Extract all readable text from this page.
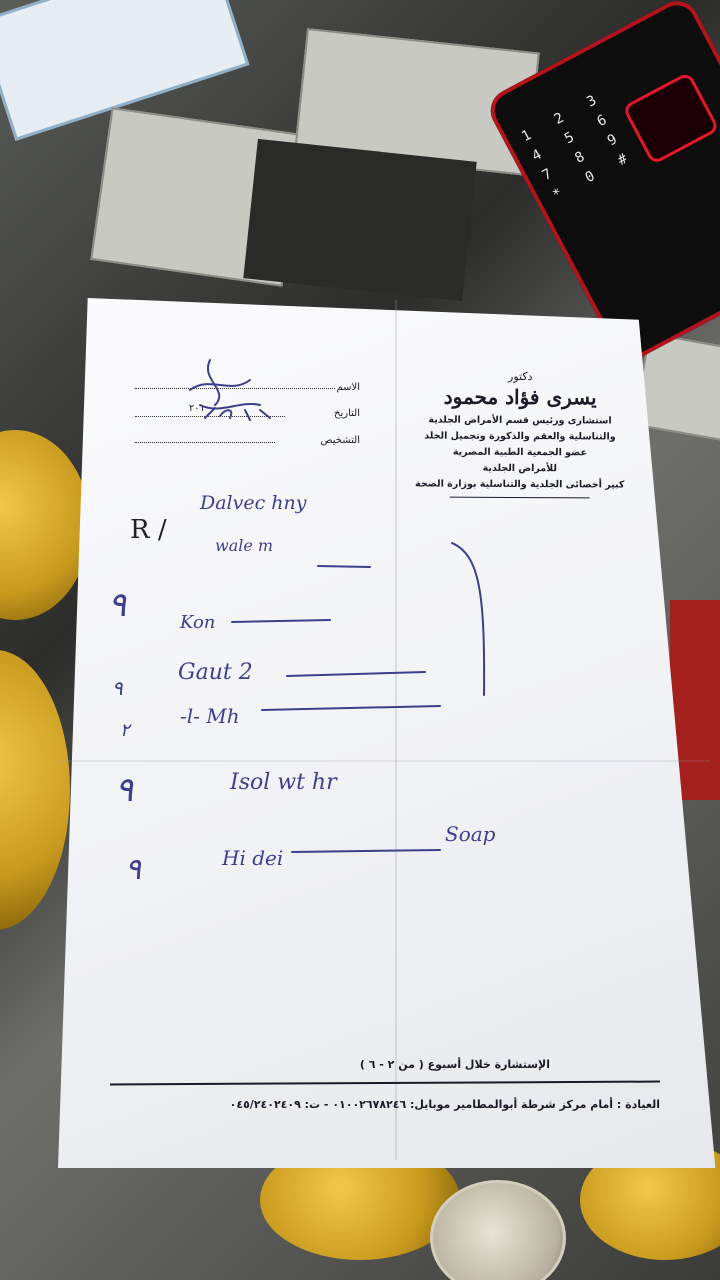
1 2 3 4 5 6 7 8 9 * 0 #
دكتور
يسرى فؤاد محمود
استشارى ورئيس قسم الأمراض الجلدية
والتناسلية والعقم والذكورة وتجميل الجلد
عضو الجمعية الطبية المصرية
للأمراض الجلدية
كبير أخصائى الجلدية والتناسلية بوزارة الصحة
الاسم
التاريخ
٢٠١
التشخيص
R /
Dalvec hny
wale m
٩	Kon
٩
Gaut 2
٢
-l- Mh
٩	Isol wt hr
٩	Hi dei
Soap
الإستشارة خلال أسبوع ( من ٢ - ٦ )
العيادة : أمام مركز شرطة أبوالمطامير موبايل: ٠١٠٠٢٦٧٨٢٤٦ - ت: ٠٤٥/٢٤٠٢٤٠٩
